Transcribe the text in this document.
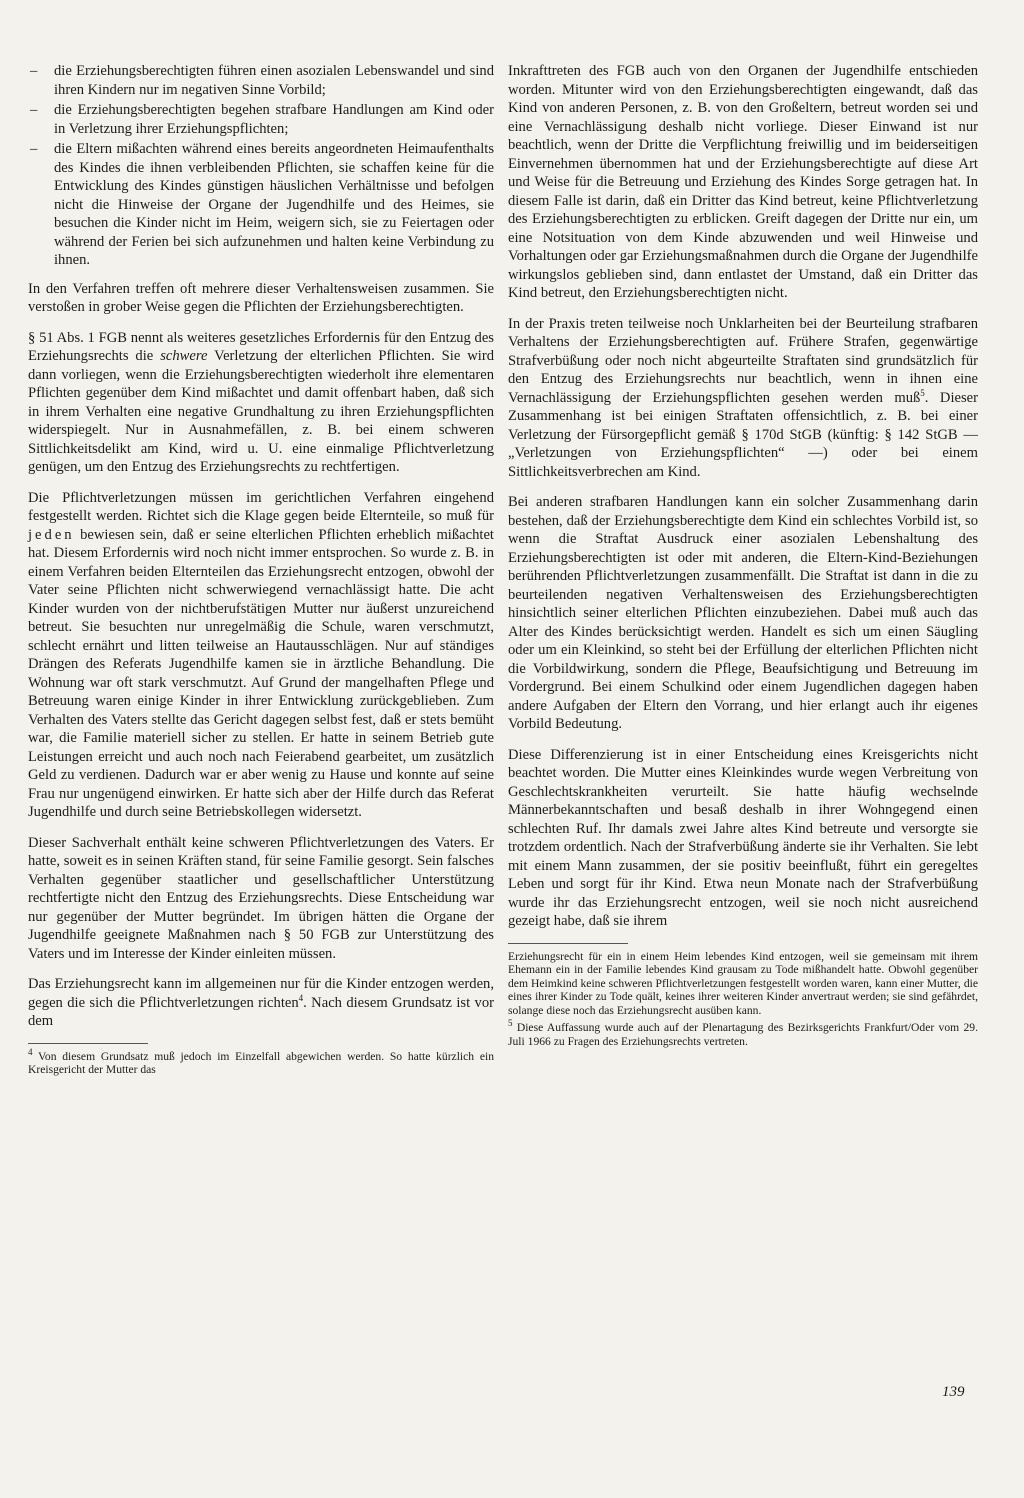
– die Erziehungsberechtigten führen einen asozialen Lebenswandel und sind ihren Kindern nur im negativen Sinne Vorbild;
– die Erziehungsberechtigten begehen strafbare Handlungen am Kind oder in Verletzung ihrer Erziehungspflichten;
– die Eltern mißachten während eines bereits angeordneten Heimaufenthalts des Kindes die ihnen verbleibenden Pflichten, sie schaffen keine für die Entwicklung des Kindes günstigen häuslichen Verhältnisse und befolgen nicht die Hinweise der Organe der Jugendhilfe und des Heimes, sie besuchen die Kinder nicht im Heim, weigern sich, sie zu Feiertagen oder während der Ferien bei sich aufzunehmen und halten keine Verbindung zu ihnen.

In den Verfahren treffen oft mehrere dieser Verhaltensweisen zusammen. Sie verstoßen in grober Weise gegen die Pflichten der Erziehungsberechtigten.

§ 51 Abs. 1 FGB nennt als weiteres gesetzliches Erfordernis für den Entzug des Erziehungsrechts die schwere Verletzung der elterlichen Pflichten. Sie wird dann vorliegen, wenn die Erziehungsberechtigten wiederholt ihre elementaren Pflichten gegenüber dem Kind mißachtet und damit offenbart haben, daß sich in ihrem Verhalten eine negative Grundhaltung zu ihren Erziehungspflichten widerspiegelt. Nur in Ausnahmefällen, z. B. bei einem schweren Sittlichkeitsdelikt am Kind, wird u. U. eine einmalige Pflichtverletzung genügen, um den Entzug des Erziehungsrechts zu rechtfertigen.

Die Pflichtverletzungen müssen im gerichtlichen Verfahren eingehend festgestellt werden. Richtet sich die Klage gegen beide Elternteile, so muß für jeden bewiesen sein, daß er seine elterlichen Pflichten erheblich mißachtet hat. Diesem Erfordernis wird noch nicht immer entsprochen. So wurde z. B. in einem Verfahren beiden Elternteilen das Erziehungsrecht entzogen, obwohl der Vater seine Pflichten nicht schwerwiegend vernachlässigt hatte. Die acht Kinder wurden von der nichtberufstätigen Mutter nur äußerst unzureichend betreut. Sie besuchten nur unregelmäßig die Schule, waren verschmutzt, schlecht ernährt und litten teilweise an Hautausschlägen. Nur auf ständiges Drängen des Referats Jugendhilfe kamen sie in ärztliche Behandlung. Die Wohnung war oft stark verschmutzt. Auf Grund der mangelhaften Pflege und Betreuung waren einige Kinder in ihrer Entwicklung zurückgeblieben. Zum Verhalten des Vaters stellte das Gericht dagegen selbst fest, daß er stets bemüht war, die Familie materiell sicher zu stellen. Er hatte in seinem Betrieb gute Leistungen erreicht und auch noch nach Feierabend gearbeitet, um zusätzlich Geld zu verdienen. Dadurch war er aber wenig zu Hause und konnte auf seine Frau nur ungenügend einwirken. Er hatte sich aber der Hilfe durch das Referat Jugendhilfe und durch seine Betriebskollegen widersetzt.

Dieser Sachverhalt enthält keine schweren Pflichtverletzungen des Vaters. Er hatte, soweit es in seinen Kräften stand, für seine Familie gesorgt. Sein falsches Verhalten gegenüber staatlicher und gesellschaftlicher Unterstützung rechtfertigte nicht den Entzug des Erziehungsrechts. Diese Entscheidung war nur gegenüber der Mutter begründet. Im übrigen hätten die Organe der Jugendhilfe geeignete Maßnahmen nach § 50 FGB zur Unterstützung des Vaters und im Interesse der Kinder einleiten müssen.

Das Erziehungsrecht kann im allgemeinen nur für die Kinder entzogen werden, gegen die sich die Pflichtverletzungen richten$^4$. Nach diesem Grundsatz ist vor dem

$^4$ Von diesem Grundsatz muß jedoch im Einzelfall abgewichen werden. So hatte kürzlich ein Kreisgericht der Mutter das

Inkrafttreten des FGB auch von den Organen der Jugendhilfe entschieden worden. Mitunter wird von den Erziehungsberechtigten eingewandt, daß das Kind von anderen Personen, z. B. von den Großeltern, betreut worden sei und eine Vernachlässigung deshalb nicht vorliege. Dieser Einwand ist nur beachtlich, wenn der Dritte die Verpflichtung freiwillig und im beiderseitigen Einvernehmen übernommen hat und der Erziehungsberechtigte auf diese Art und Weise für die Betreuung und Erziehung des Kindes Sorge getragen hat. In diesem Falle ist darin, daß ein Dritter das Kind betreut, keine Pflichtverletzung des Erziehungsberechtigten zu erblicken. Greift dagegen der Dritte nur ein, um eine Notsituation von dem Kinde abzuwenden und weil Hinweise und Vorhaltungen oder gar Erziehungsmaßnahmen durch die Organe der Jugendhilfe wirkungslos geblieben sind, dann entlastet der Umstand, daß ein Dritter das Kind betreut, den Erziehungsberechtigten nicht.

In der Praxis treten teilweise noch Unklarheiten bei der Beurteilung strafbaren Verhaltens der Erziehungsberechtigten auf. Frühere Strafen, gegenwärtige Strafverbüßung oder noch nicht abgeurteilte Straftaten sind grundsätzlich für den Entzug des Erziehungsrechts nur beachtlich, wenn in ihnen eine Vernachlässigung der Erziehungspflichten gesehen werden muß$^5$. Dieser Zusammenhang ist bei einigen Straftaten offensichtlich, z. B. bei einer Verletzung der Fürsorgepflicht gemäß § 170d StGB (künftig: § 142 StGB — „Verletzungen von Erziehungspflichten“ —) oder bei einem Sittlichkeitsverbrechen am Kind.

Bei anderen strafbaren Handlungen kann ein solcher Zusammenhang darin bestehen, daß der Erziehungsberechtigte dem Kind ein schlechtes Vorbild ist, so wenn die Straftat Ausdruck einer asozialen Lebenshaltung des Erziehungsberechtigten ist oder mit anderen, die Eltern-Kind-Beziehungen berührenden Pflichtverletzungen zusammenfällt. Die Straftat ist dann in die zu beurteilenden negativen Verhaltensweisen des Erziehungsberechtigten hinsichtlich seiner elterlichen Pflichten einzubeziehen. Dabei muß auch das Alter des Kindes berücksichtigt werden. Handelt es sich um einen Säugling oder um ein Kleinkind, so steht bei der Erfüllung der elterlichen Pflichten nicht die Vorbildwirkung, sondern die Pflege, Beaufsichtigung und Betreuung im Vordergrund. Bei einem Schulkind oder einem Jugendlichen dagegen haben andere Aufgaben der Eltern den Vorrang, und hier erlangt auch ihr eigenes Vorbild Bedeutung.

Diese Differenzierung ist in einer Entscheidung eines Kreisgerichts nicht beachtet worden. Die Mutter eines Kleinkindes wurde wegen Verbreitung von Geschlechtskrankheiten verurteilt. Sie hatte häufig wechselnde Männerbekanntschaften und besaß deshalb in ihrer Wohngegend einen schlechten Ruf. Ihr damals zwei Jahre altes Kind betreute und versorgte sie trotzdem ordentlich. Nach der Strafverbüßung änderte sie ihr Verhalten. Sie lebt mit einem Mann zusammen, der sie positiv beeinflußt, führt ein geregeltes Leben und sorgt für ihr Kind. Etwa neun Monate nach der Strafverbüßung wurde ihr das Erziehungsrecht entzogen, weil sie noch nicht ausreichend gezeigt habe, daß sie ihrem

Erziehungsrecht für ein in einem Heim lebendes Kind entzogen, weil sie gemeinsam mit ihrem Ehemann ein in der Familie lebendes Kind grausam zu Tode mißhandelt hatte. Obwohl gegenüber dem Heimkind keine schweren Pflichtverletzungen festgestellt worden waren, kann einer Mutter, die eines ihrer Kinder zu Tode quält, keines ihrer weiteren Kinder anvertraut werden; sie sind gefährdet, solange diese noch das Erziehungsrecht ausüben kann.

$^5$ Diese Auffassung wurde auch auf der Plenartagung des Bezirksgerichts Frankfurt/Oder vom 29. Juli 1966 zu Fragen des Erziehungsrechts vertreten.

139
